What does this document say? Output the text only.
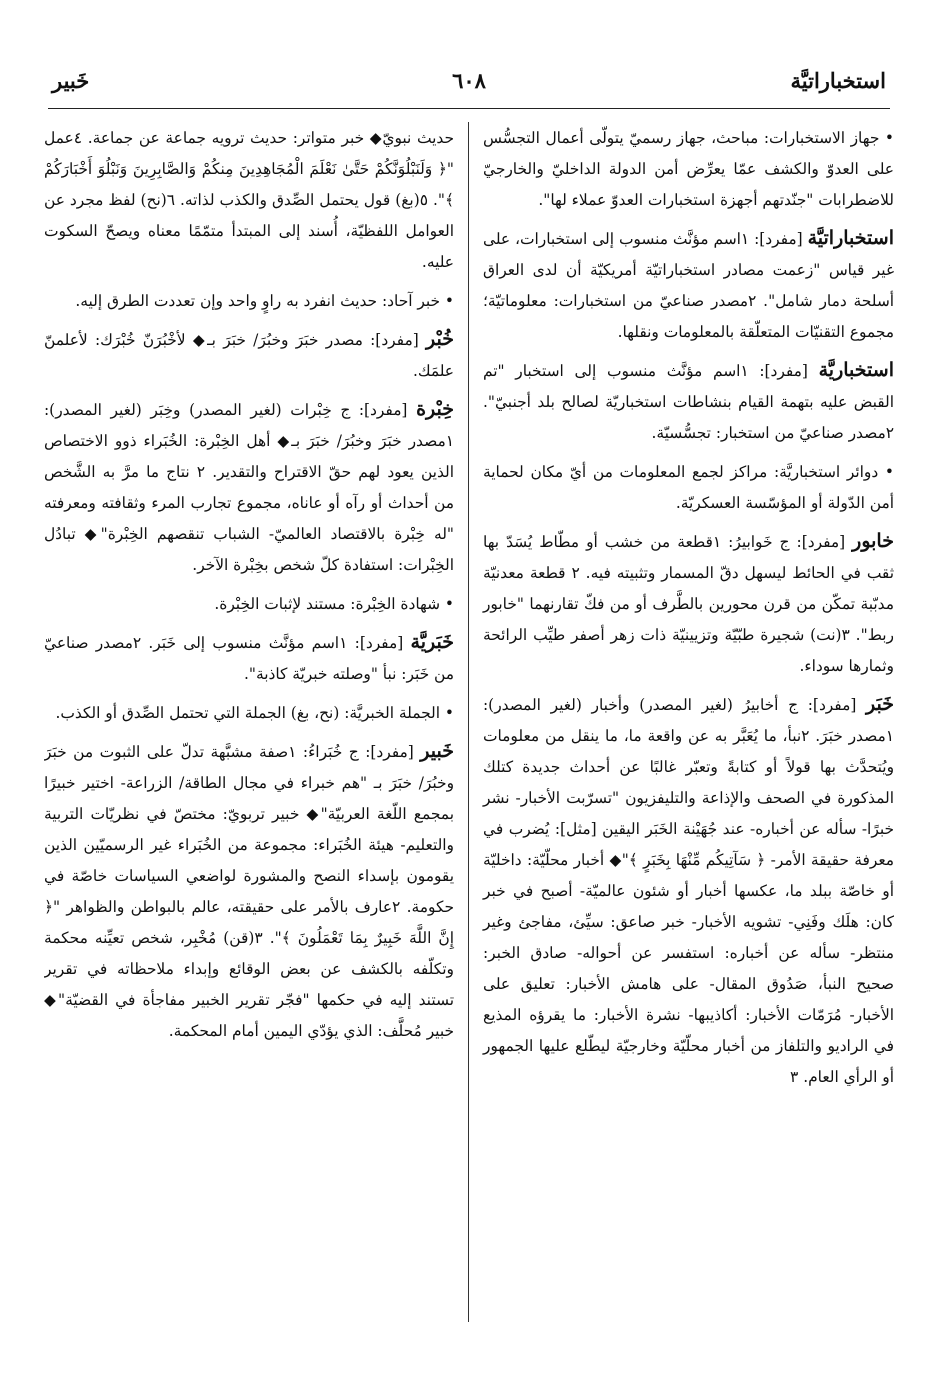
استخباراتيَّة
٦٠٨
خَبير

• جهاز الاستخبارات: مباحث، جهاز رسميّ يتولّى أعمال التجسُّس على العدوّ والكشف عمّا يعرِّض أمن الدولة الداخليّ والخارجيّ للاضطرابات "جنّدتهم أجهزة استخبارات العدوّ عملاء لها".

استخباراتيَّة [مفرد]: ١اسم مؤنَّث منسوب إلى استخبارات، على غير قياس "زعمت مصادر استخباراتيّة أمريكيّة أن لدى العراق أسلحة دمار شامل". ٢مصدر صناعيّ من استخبارات: معلوماتيّة؛ مجموع التقنيّات المتعلّقة بالمعلومات ونقلها.

استخباريَّة [مفرد]: ١اسم مؤنَّث منسوب إلى استخبار "تم القبض عليه بتهمة القيام بنشاطات استخباريّة لصالح بلد أجنبيّ". ٢مصدر صناعيّ من استخبار: تجسُّسيّة.

• دوائر استخباريَّة: مراكز لجمع المعلومات من أيّ مكان لحماية أمن الدّولة أو المؤسّسة العسكريّة.

خابور [مفرد]: ج خَوابيرُ: ١قطعة من خشب أو مطّاط يُسَدّ بها ثقب في الحائط ليسهل دقّ المسمار وتثبيته فيه. ٢ قطعة معدنيّة مدبّبة تمكّن من قرن محورين بالطَّرف أو من فكّ تقارنهما "خابور ربط". ٣(نت) شجيرة طبّيّة وتزيينيّة ذات زهر أصفر طيِّب الرائحة وثمارها سوداء.

خَبَر [مفرد]: ج أخابيرُ (لغير المصدر) وأخبار (لغير المصدر): ١مصدر خبَرَ. ٢نبأ، ما يُعَبَّر به عن واقعة ما، ما ينقل من معلومات ويُتحدَّث بها قولاً أو كتابةً وتعبّر غالبًا عن أحداث جديدة كتلك المذكورة في الصحف والإذاعة والتليفزيون "تسرّبت الأخبار- نشر خبرًا- سأله عن أخباره- عند جُهَيْنة الخَبَر اليقين [مثل]: يُضرب في معرفة حقيقة الأمر- ﴿ سَآتِيكُم مِّنْهَا بِخَبَرٍ ﴾"◆ أخبار محلّيّة: داخليّة أو خاصّة ببلد ما، عكسها أخبار أو شئون عالميّة- أصبح في خبر كان: هلَك وفَنِي- تشويه الأخبار- خبر صاعق: سيِّئ، مفاجئ وغير منتظر- سأله عن أخباره: استفسر عن أحواله- صادق الخبر: صحيح النبأ، صَدُوق المقال- على هامش الأخبار: تعليق على الأخبار- مُرَمّات الأخبار: أكاذيبها- نشرة الأخبار: ما يقرؤه المذيع في الراديو والتلفاز من أخبار محلّيّة وخارجيّة ليطّلع عليها الجمهور أو الرأي العام. ٣

حديث نبويّ◆ خبر متواتر: حديث ترويه جماعة عن جماعة. ٤عمل "﴿ وَلَنَبْلُوَنَّكُمْ حَتَّىٰ نَعْلَمَ الْمُجَاهِدِينَ مِنكُمْ وَالصَّابِرِينَ وَنَبْلُوَ أَخْبَارَكُمْ ﴾". ٥(بغ) قول يحتمل الصِّدق والكذب لذاته. ٦(نح) لفظ مجرد عن العوامل اللفظيّة، أُسند إلى المبتدأ متمّمًا معناه ويصحّ السكوت عليه.

• خبر آحاد: حديث انفرد به راوٍ واحد وإن تعددت الطرق إليه.

خُبْر [مفرد]: مصدر خبَرَ وخبُرَ/ خبَرَ بـ◆ لأخْبُرَنّ خُبْرَك: لأعلمنّ علمَك.

خِبْرة [مفرد]: ج خِبْرات (لغير المصدر) وخِبَر (لغير المصدر): ١مصدر خبَرَ وخبُرَ/ خبَرَ بـ◆ أهل الخِبْرة: الخُبَراء ذوو الاختصاص الذين يعود لهم حقّ الاقتراح والتقدير. ٢ نتاج ما مرَّ به الشَّخص من أحداث أو رآه أو عاناه، مجموع تجارب المرء وثقافته ومعرفته "له خِبْرة بالاقتصاد العالميّ- الشباب تنقصهم الخِبْرة"◆ تبادُل الخِبْرات: استفادة كلّ شخص بخِبْرة الآخر.

• شهادة الخِبْرة: مستند لإثبات الخِبْرة.

خَبَريَّة [مفرد]: ١اسم مؤنَّث منسوب إلى خَبَر. ٢مصدر صناعيّ من خَبَر: نبأ "وصلته خبريّة كاذبة".

• الجملة الخبريَّة: (نح، بغ) الجملة التي تحتمل الصِّدق أو الكذب.

خَبير [مفرد]: ج خُبَراءُ: ١صفة مشبَّهة تدلّ على الثبوت من خبَرَ وخبُرَ/ خبَرَ بـ "هم خبراء في مجال الطاقة/ الزراعة- اختير خبيرًا بمجمع اللّغة العربيّة"◆ خبير تربويّ: مختصّ في نظريّات التربية والتعليم- هيئة الخُبَراء: مجموعة من الخُبَراء غير الرسميّين الذين يقومون بإسداء النصح والمشورة لواضعي السياسات خاصّة في حكومة. ٢عارف بالأمر على حقيقته، عالم بالبواطن والظواهر "﴿ إِنَّ اللَّهَ خَبِيرٌ بِمَا تَعْمَلُونَ ﴾". ٣(قن) مُخْبِر، شخص تعيِّنه محكمة وتكلّفه بالكشف عن بعض الوقائع وإبداء ملاحظاته في تقرير تستند إليه في حكمها "فجّر تقرير الخبير مفاجأة في القضيّة"◆ خبير مُحلَّف: الذي يؤدّي اليمين أمام المحكمة.
